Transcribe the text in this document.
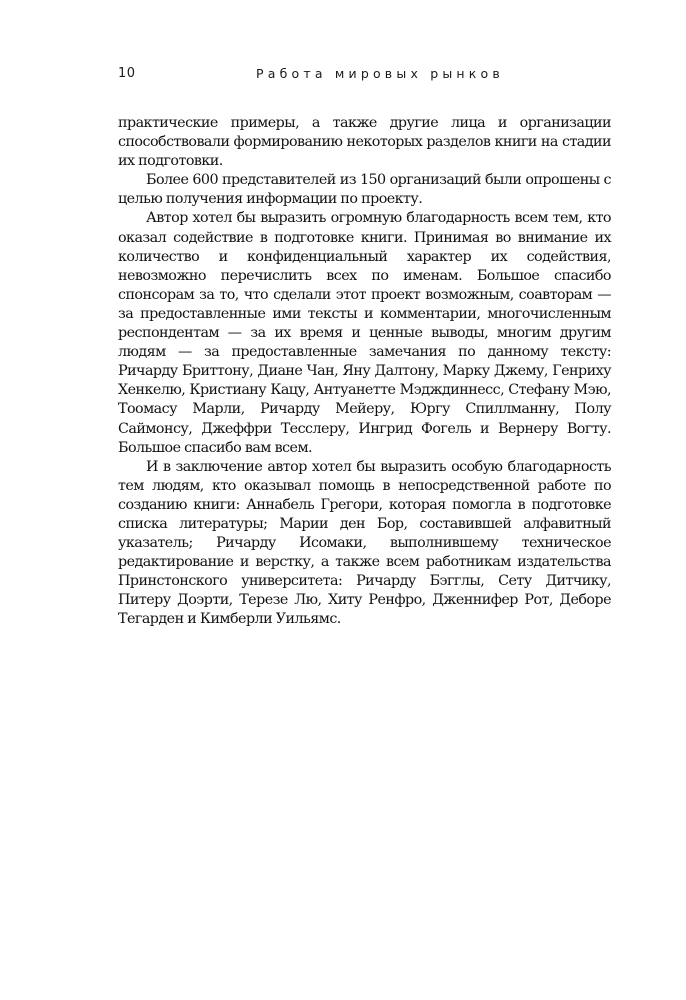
10	Работа мировых рынков

практические примеры, а также другие лица и организации способствовали формированию некоторых разделов книги на стадии их подготовки.

Более 600 представителей из 150 организаций были опрошены с целью получения информации по проекту.

Автор хотел бы выразить огромную благодарность всем тем, кто оказал содействие в подготовке книги. Принимая во внимание их количество и конфиденциальный характер их содействия, невозможно перечислить всех по именам. Большое спасибо спонсорам за то, что сделали этот проект возможным, соавторам — за предоставленные ими тексты и комментарии, многочисленным респондентам — за их время и ценные выводы, многим другим людям — за предоставленные замечания по данному тексту: Ричарду Бриттону, Диане Чан, Яну Далтону, Марку Джему, Генриху Хенкелю, Кристиану Кацу, Антуанетте Мэдждиннесс, Стефану Мэю, Тоомасу Марли, Ричарду Мейеру, Юргу Спиллманну, Полу Саймонсу, Джеффри Тесслеру, Ингрид Фогель и Вернеру Вогту. Большое спасибо вам всем.

И в заключение автор хотел бы выразить особую благодарность тем людям, кто оказывал помощь в непосредственной работе по созданию книги: Аннабель Грегори, которая помогла в подготовке списка литературы; Марии ден Бор, составившей алфавитный указатель; Ричарду Исомаки, выполнившему техническое редактирование и верстку, а также всем работникам издательства Принстонского университета: Ричарду Бэгглы, Сету Дитчику, Питеру Доэрти, Терезе Лю, Хиту Ренфро, Дженнифер Рот, Деборе Тегарден и Кимберли Уильямс.
